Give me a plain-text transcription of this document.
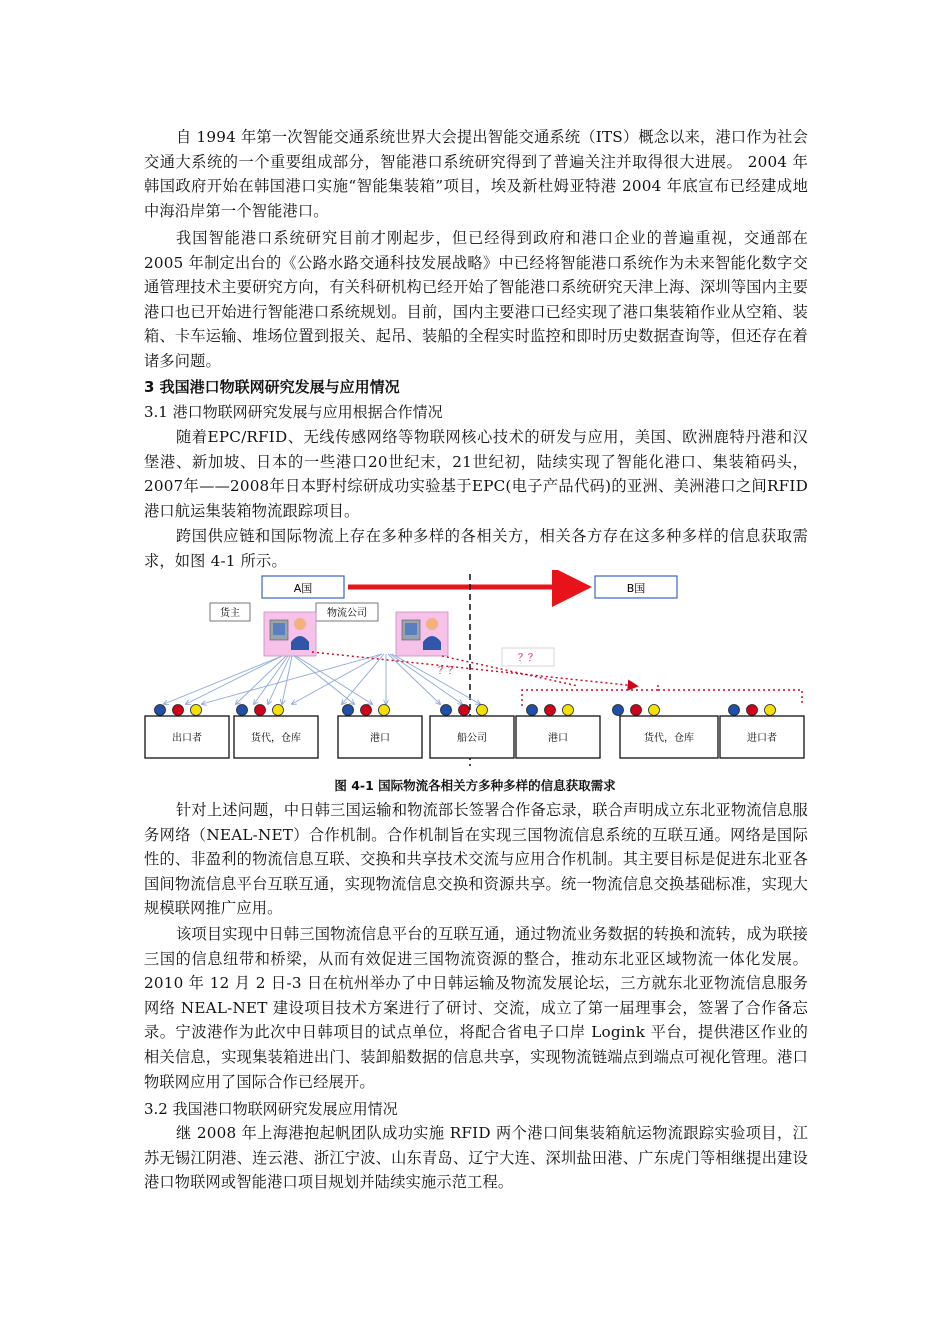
自 1994 年第一次智能交通系统世界大会提出智能交通系统（ITS）概念以来，港口作为社会交通大系统的一个重要组成部分，智能港口系统研究得到了普遍关注并取得很大进展。 2004 年韩国政府开始在韩国港口实施“智能集装箱”项目，埃及新杜姆亚特港 2004 年底宣布已经建成地中海沿岸第一个智能港口。

我国智能港口系统研究目前才刚起步，但已经得到政府和港口企业的普遍重视，交通部在 2005 年制定出台的《公路水路交通科技发展战略》中已经将智能港口系统作为未来智能化数字交通管理技术主要研究方向，有关科研机构已经开始了智能港口系统研究天津上海、深圳等国内主要港口也已开始进行智能港口系统规划。目前，国内主要港口已经实现了港口集装箱作业从空箱、装箱、卡车运输、堆场位置到报关、起吊、装船的全程实时监控和即时历史数据查询等，但还存在着诸多问题。

3 我国港口物联网研究发展与应用情况

3.1 港口物联网研究发展与应用根据合作情况

随着EPC/RFID、无线传感网络等物联网核心技术的研发与应用，美国、欧洲鹿特丹港和汉堡港、新加坡、日本的一些港口20世纪末，21世纪初，陆续实现了智能化港口、集装箱码头，2007年——2008年日本野村综研成功实验基于EPC(电子产品代码)的亚洲、美洲港口之间RFID港口航运集装箱物流跟踪项目。

跨国供应链和国际物流上存在多种多样的各相关方，相关各方存在这多种多样的信息获取需求，如图 4-1 所示。

A国	B国
货主	物流公司
？？
？？
出口者	货代，仓库	港口	船公司	港口	货代，仓库	进口者
图 4-1 国际物流各相关方多种多样的信息获取需求

针对上述问题，中日韩三国运输和物流部长签署合作备忘录，联合声明成立东北亚物流信息服务网络（NEAL-NET）合作机制。合作机制旨在实现三国物流信息系统的互联互通。网络是国际性的、非盈利的物流信息互联、交换和共享技术交流与应用合作机制。其主要目标是促进东北亚各国间物流信息平台互联互通，实现物流信息交换和资源共享。统一物流信息交换基础标准，实现大规模联网推广应用。

该项目实现中日韩三国物流信息平台的互联互通，通过物流业务数据的转换和流转，成为联接三国的信息纽带和桥梁，从而有效促进三国物流资源的整合，推动东北亚区域物流一体化发展。2010 年 12 月 2 日-3 日在杭州举办了中日韩运输及物流发展论坛，三方就东北亚物流信息服务网络 NEAL-NET 建设项目技术方案进行了研讨、交流，成立了第一届理事会，签署了合作备忘录。宁波港作为此次中日韩项目的试点单位，将配合省电子口岸 Logink 平台，提供港区作业的相关信息，实现集装箱进出门、装卸船数据的信息共享，实现物流链端点到端点可视化管理。港口物联网应用了国际合作已经展开。

3.2 我国港口物联网研究发展应用情况

继 2008 年上海港抱起帆团队成功实施 RFID 两个港口间集装箱航运物流跟踪实验项目，江苏无锡江阴港、连云港、浙江宁波、山东青岛、辽宁大连、深圳盐田港、广东虎门等相继提出建设港口物联网或智能港口项目规划并陆续实施示范工程。
